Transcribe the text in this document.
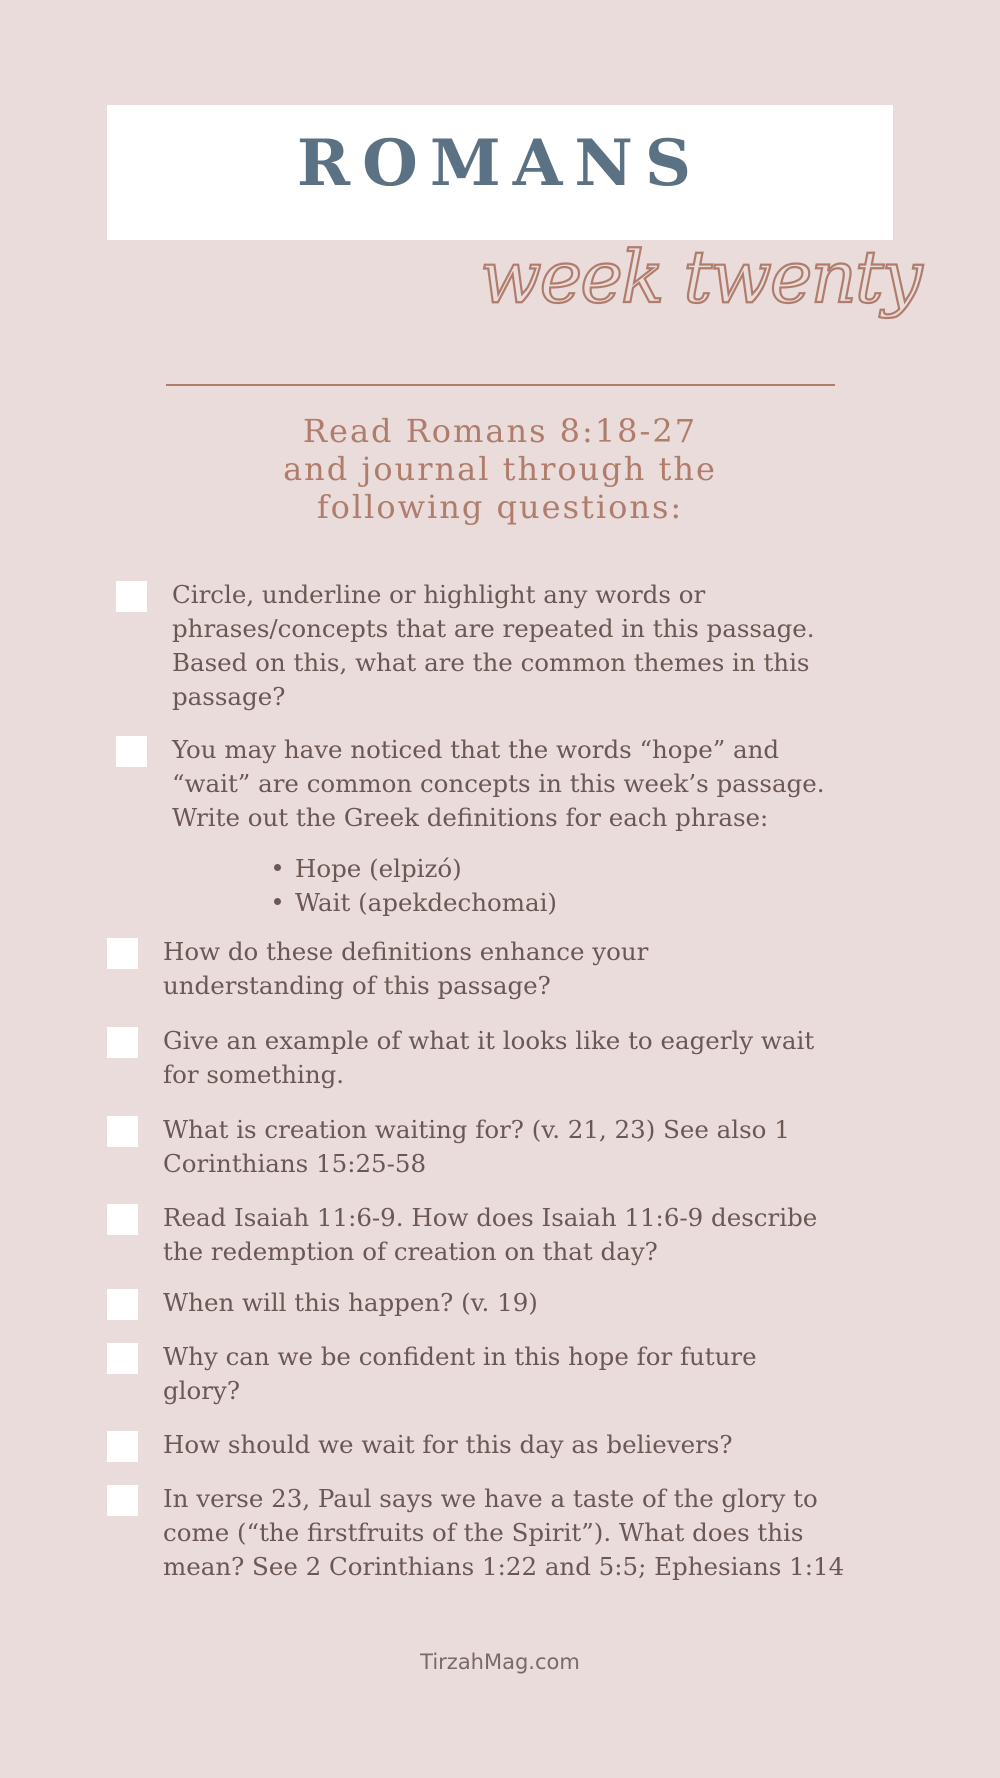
ROMANS
week twenty
Read Romans 8:18-27
and journal through the
following questions:
Circle, underline or highlight any words or
phrases/concepts that are repeated in this passage.
Based on this, what are the common themes in this
passage?
You may have noticed that the words “hope” and
“wait” are common concepts in this week’s passage.
Write out the Greek definitions for each phrase:
Hope (elpizó)
Wait (apekdechomai)
How do these definitions enhance your
understanding of this passage?
Give an example of what it looks like to eagerly wait
for something.
What is creation waiting for? (v. 21, 23) See also 1
Corinthians 15:25-58
Read Isaiah 11:6-9. How does Isaiah 11:6-9 describe
the redemption of creation on that day?
When will this happen? (v. 19)
Why can we be confident in this hope for future
glory?
How should we wait for this day as believers?
In verse 23, Paul says we have a taste of the glory to
come (“the firstfruits of the Spirit”). What does this
mean? See 2 Corinthians 1:22 and 5:5; Ephesians 1:14
TirzahMag.com
